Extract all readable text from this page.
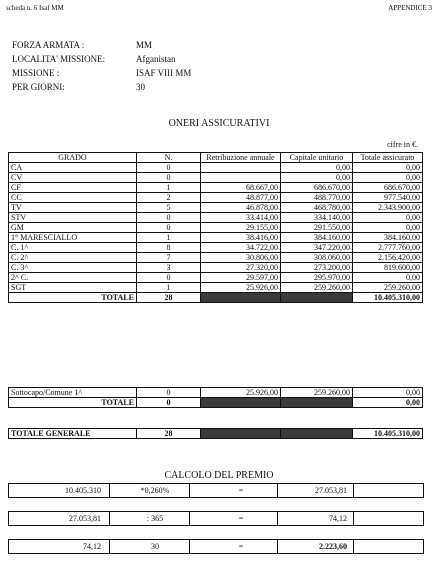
scheda n. 6 Isaf MM	APPENDICE 3
FORZA ARMATA :	MM
LOCALITA' MISSIONE:	Afganistan
MISSIONE :	ISAF VIII MM
PER GIORNI:	30
ONERI ASSICURATIVI
cifre in €.
GRADO	N.	Retribuzione annuale	Capitale unitario	Totale assicurato
CA	0		0,00	0,00
CV	0		0,00	0,00
CF	1	68.667,00	686.670,00	686.670,00
CC	2	48.877,00	488.770,00	977.540,00
TV	5	46.878,00	468.780,00	2.343.900,00
STV	0	33.414,00	334.140,00	0,00
GM	0	29.155,00	291.550,00	0,00
1° MARESCIALLO	1	38.416,00	384.160,00	384.160,00
C. 1^	8	34.722,00	347.220,00	2.777.760,00
C. 2^	7	30.806,00	308.060,00	2.156.420,00
C. 3^	3	27.320,00	273.200,00	819.600,00
2^ C.	0	29.597,00	295.970,00	0,00
SGT	1	25.926,00	259.260,00	259.260,00
TOTALE	28			10.405.310,00
Sottocapo/Comune 1^	0	25.926,00	259.260,00	0,00
TOTALE	0			0,00
TOTALE GENERALE	28			10.405.310,00
CALCOLO DEL PREMIO
10.405.310	*0,260%	=	27.053,81
27.053,81	: 365	=	74,12
74,12	30	=	2.223,60
